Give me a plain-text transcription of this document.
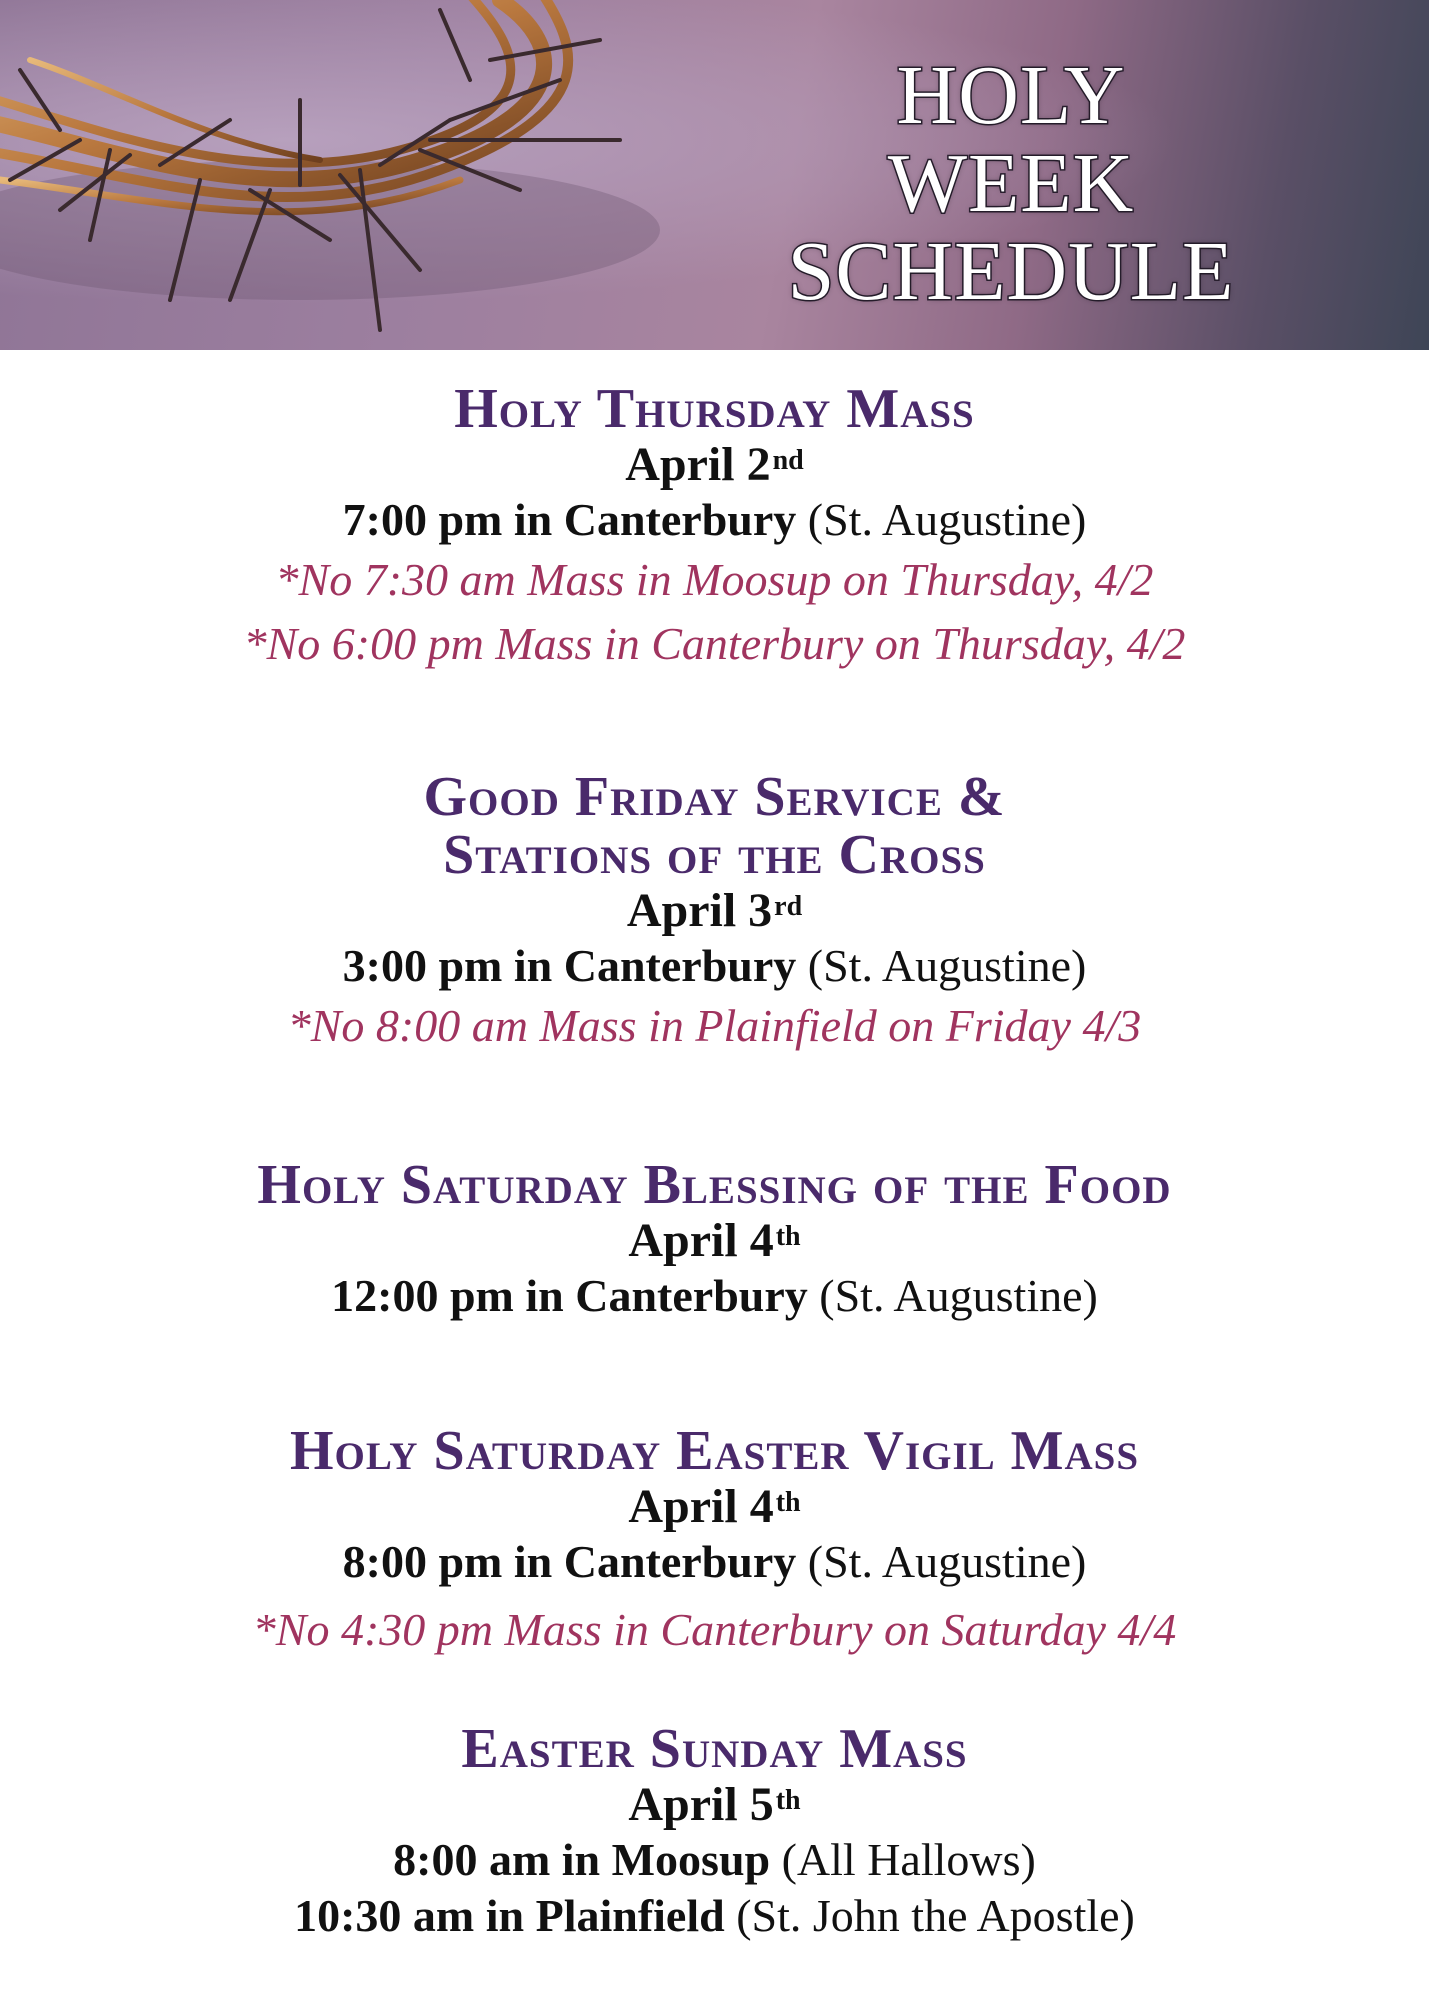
HOLY
WEEK
SCHEDULE
Holy Thursday Mass
April 2nd
7:00 pm in Canterbury (St. Augustine)
*No 7:30 am Mass in Moosup on Thursday, 4/2
*No 6:00 pm Mass in Canterbury on Thursday, 4/2
Good Friday Service &
Stations of the Cross
April 3rd
3:00 pm in Canterbury (St. Augustine)
*No 8:00 am Mass in Plainfield on Friday 4/3
Holy Saturday Blessing of the Food
April 4th
12:00 pm in Canterbury (St. Augustine)
Holy Saturday Easter Vigil Mass
April 4th
8:00 pm in Canterbury (St. Augustine)
*No 4:30 pm Mass in Canterbury on Saturday 4/4
Easter Sunday Mass
April 5th
8:00 am in Moosup (All Hallows)
10:30 am in Plainfield (St. John the Apostle)
